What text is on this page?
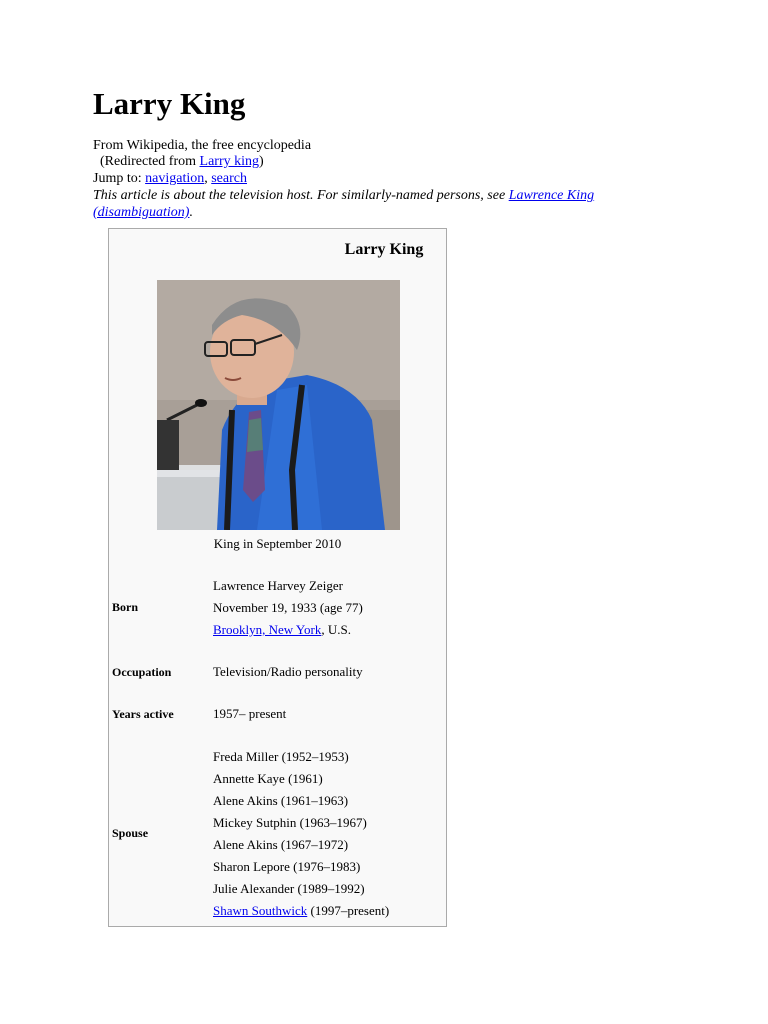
Larry King
From Wikipedia, the free encyclopedia
(Redirected from Larry king)
Jump to: navigation, search
This article is about the television host. For similarly-named persons, see Lawrence King (disambiguation).
Larry King
King in September 2010
Born
Lawrence Harvey Zeiger
November 19, 1933 (age 77)
Brooklyn, New York, U.S.
Occupation	Television/Radio personality
Years active	1957– present
Spouse
Freda Miller (1952–1953)
Annette Kaye (1961)
Alene Akins (1961–1963)
Mickey Sutphin (1963–1967)
Alene Akins (1967–1972)
Sharon Lepore (1976–1983)
Julie Alexander (1989–1992)
Shawn Southwick (1997–present)
